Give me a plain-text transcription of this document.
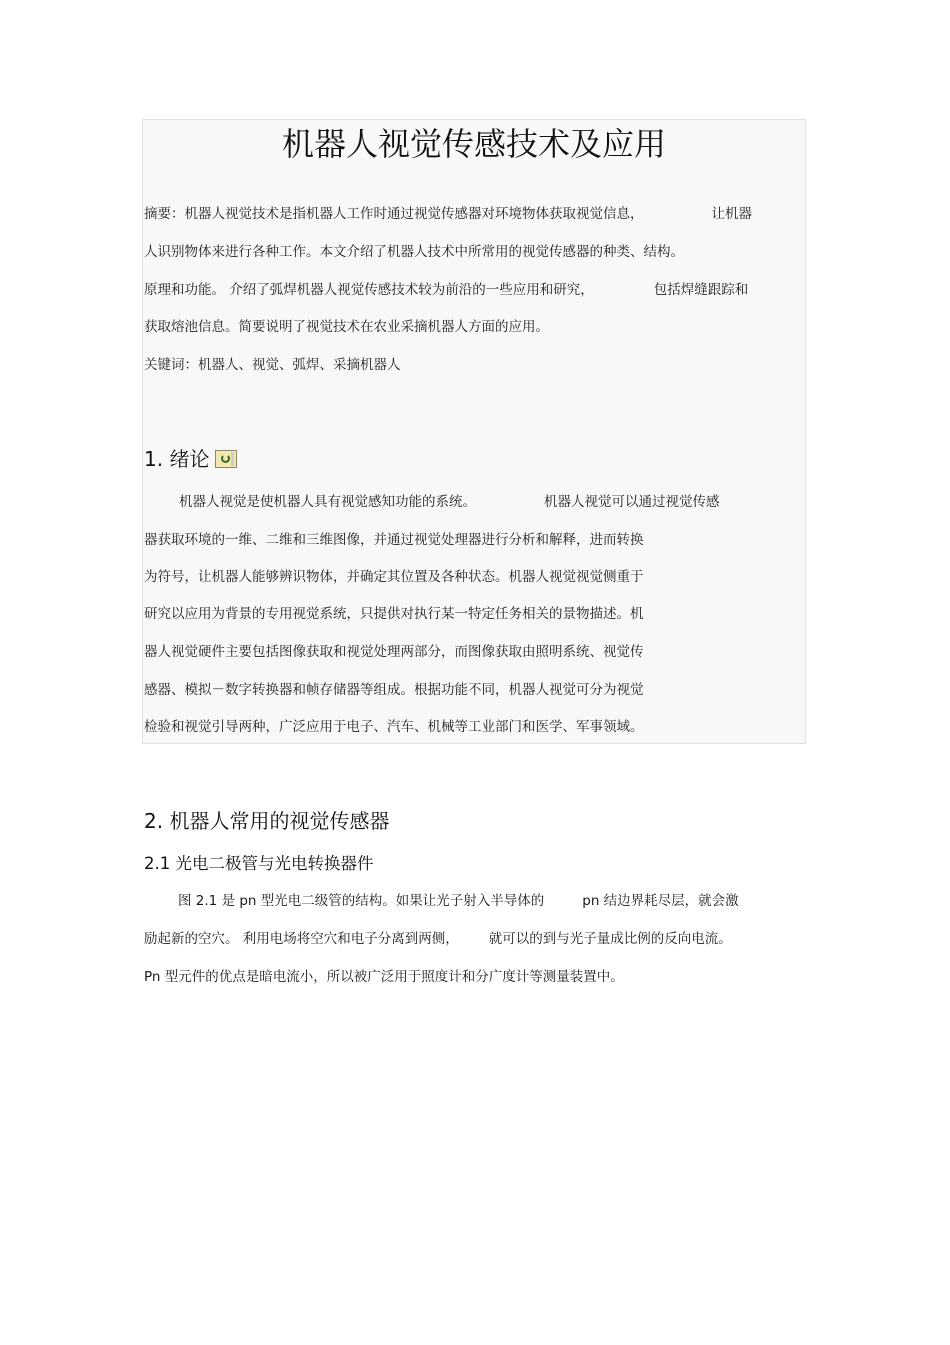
机器人视觉传感技术及应用
摘要：机器人视觉技术是指机器人工作时通过视觉传感器对环境物体获取视觉信息，	让机器
人识别物体来进行各种工作。本文介绍了机器人技术中所常用的视觉传感器的种类、结构。
原理和功能。 介绍了弧焊机器人视觉传感技术较为前沿的一些应用和研究，	包括焊缝跟踪和
获取熔池信息。简要说明了视觉技术在农业采摘机器人方面的应用。
关键词：机器人、视觉、弧焊、采摘机器人
1. 绪论
机器人视觉是使机器人具有视觉感知功能的系统。	机器人视觉可以通过视觉传感
器获取环境的一维、二维和三维图像，并通过视觉处理器进行分析和解释，进而转换
为符号，让机器人能够辨识物体，并确定其位置及各种状态。机器人视觉视觉侧重于
研究以应用为背景的专用视觉系统，只提供对执行某一特定任务相关的景物描述。机
器人视觉硬件主要包括图像获取和视觉处理两部分，而图像获取由照明系统、视觉传
感器、模拟－数字转换器和帧存储器等组成。根据功能不同，机器人视觉可分为视觉
检验和视觉引导两种，广泛应用于电子、汽车、机械等工业部门和医学、军事领域。
2. 机器人常用的视觉传感器
2.1 光电二极管与光电转换器件
图 2.1 是 pn 型光电二级管的结构。如果让光子射入半导体的	pn 结边界耗尽层，就会激
励起新的空穴。 利用电场将空穴和电子分离到两侧， 就可以的到与光子量成比例的反向电流。
Pn 型元件的优点是暗电流小，所以被广泛用于照度计和分广度计等测量装置中。
